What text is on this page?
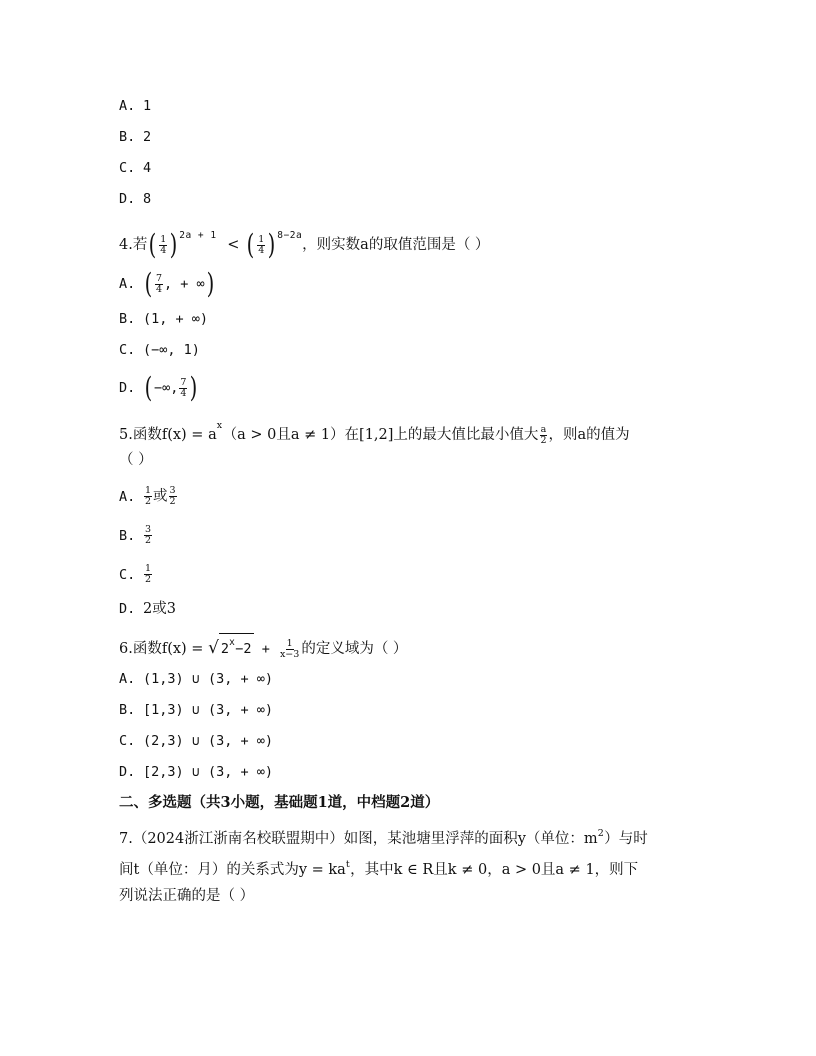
A. 1
B. 2
C. 4
D. 8
4.若( $\frac{1}{4}$ ) $^{2a + 1}$ < ( $\frac{1}{4}$ ) $^{8-2a}$，则实数a的取值范围是（ ）
A. ( $\frac{7}{4}$ , + ∞)
B. (1, + ∞)
C. (−∞, 1)
D. ( −∞, $\frac{7}{4}$ )
5.函数$f(x) = a^x(a > 0$且a ≠ 1）在[1,2]上的最大值比最小值大 $\frac{a}{2}$ ，则a的值为
（ ）
A. $\frac{1}{2}$ 或 $\frac{3}{2}$
B. $\frac{3}{2}$
C. $\frac{1}{2}$
D. 2或3
6.函数f(x) = √ $2^x-2 + \frac{1}{x-3}$ 的定义域为（ ）
A. (1,3) ∪ (3, + ∞)
B. [1,3) ∪ (3, + ∞)
C. (2,3) ∪ (3, + ∞)
D. [2,3) ∪ (3, + ∞)
二、多选题（共3小题，基础题1道，中档题2道）
7.（2024浙江浙南名校联盟期中）如图，某池塘里浮萍的面积y（单位：$m^2$）与时
间t（单位：月）的关系式为$y = ka^t$，其中k ∈ R且k ≠ 0，a > 0且a ≠ 1，则下
列说法正确的是（ ）
